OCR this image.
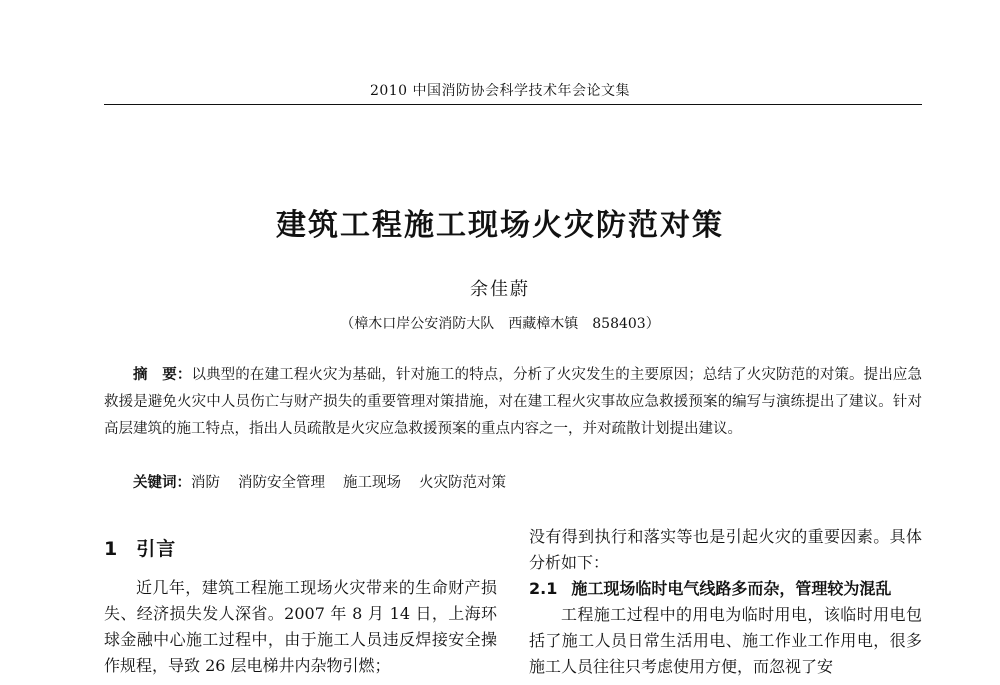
2010 中国消防协会科学技术年会论文集
建筑工程施工现场火灾防范对策
余佳蔚
（樟木口岸公安消防大队　西藏樟木镇　858403）
摘　要：以典型的在建工程火灾为基础，针对施工的特点，分析了火灾发生的主要原因；总结了火灾防范的对策。提出应急救援是避免火灾中人员伤亡与财产损失的重要管理对策措施，对在建工程火灾事故应急救援预案的编写与演练提出了建议。针对高层建筑的施工特点，指出人员疏散是火灾应急救援预案的重点内容之一，并对疏散计划提出建议。
关键词：消防 消防安全管理 施工现场 火灾防范对策
1 引言

近几年，建筑工程施工现场火灾带来的生命财产损失、经济损失发人深省。2007 年 8 月 14 日，上海环球金融中心施工过程中，由于施工人员违反焊接安全操作规程，导致 26 层电梯井内杂物引燃；

没有得到执行和落实等也是引起火灾的重要因素。具体分析如下：

2.1 施工现场临时电气线路多而杂，管理较为混乱

工程施工过程中的用电为临时用电，该临时用电包括了施工人员日常生活用电、施工作业工作用电，很多施工人员往往只考虑使用方便，而忽视了安
